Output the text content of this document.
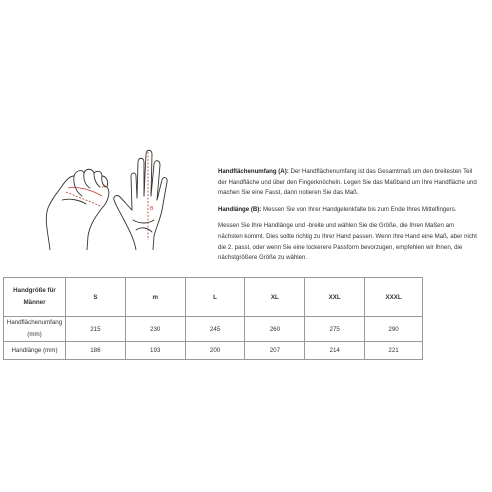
A
B

Handflächenumfang (A): Der Handflächenumfang ist das Gesamtmaß um den breitesten Teil der Handfläche und über den Fingerknöcheln. Legen Sie das Maßband um Ihre Handfläche und machen Sie eine Faust, dann notieren Sie das Maß.

Handlänge (B): Messen Sie von Ihrer Handgelenkfalte bis zum Ende Ihres Mittelfingers.

Messen Sie Ihre Handlänge und -breite und wählen Sie die Größe, die Ihren Maßen am nächsten kommt. Dies sollte richtig zu Ihrer Hand passen. Wenn Ihre Hand eine Maß, aber nicht die 2. passt, oder wenn Sie eine lockerere Passform bevorzugen, empfehlen wir Ihnen, die nächstgrößere Größe zu wählen.

Handgröße für Männer	S	m	L	XL	XXL	XXXL
Handflächenumfang (mm)	215	230	245	260	275	290
Handlänge (mm)	186	193	200	207	214	221
